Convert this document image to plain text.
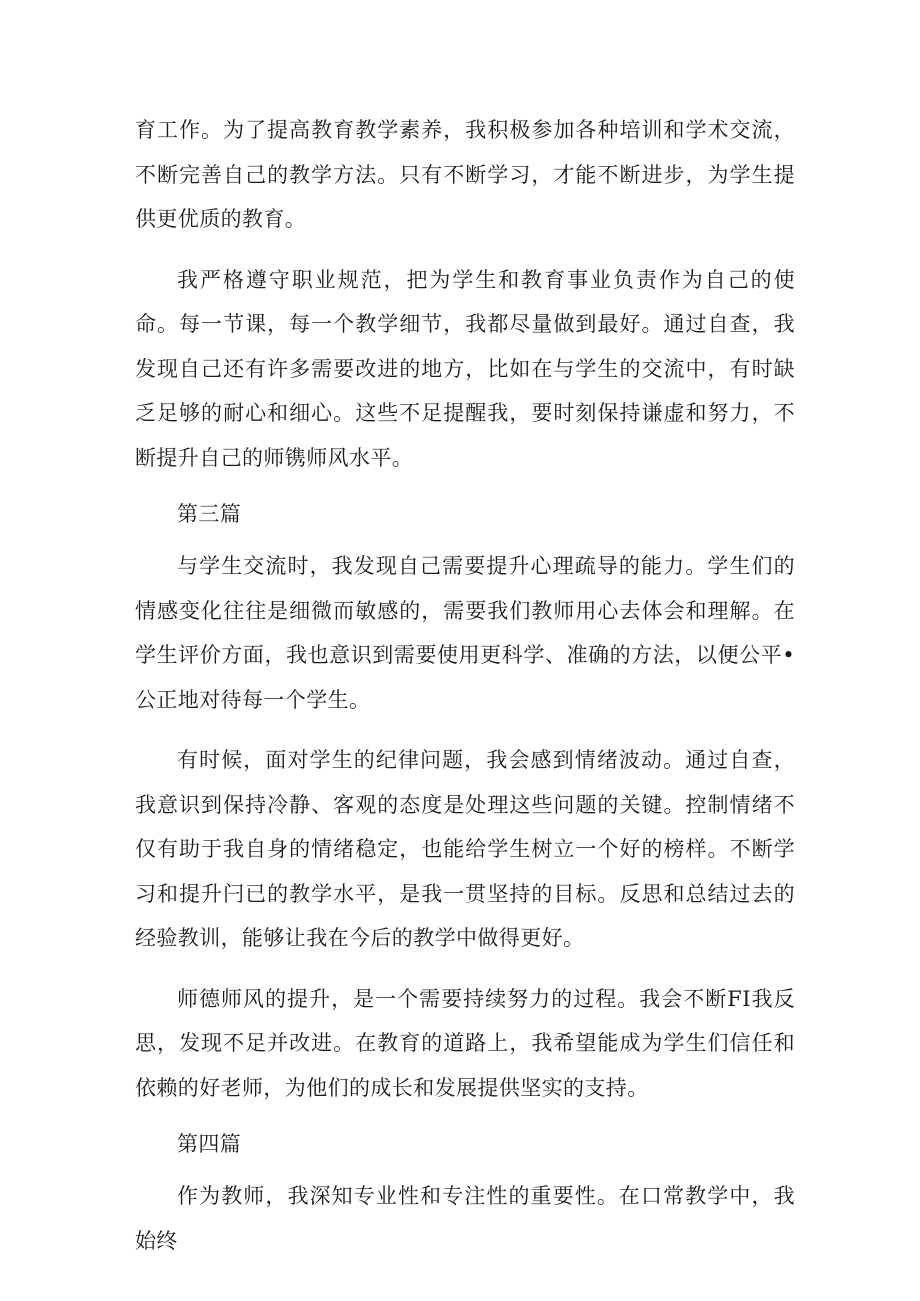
育工作。为了提高教育教学素养，我积极参加各种培训和学术交流，不断完善自己的教学方法。只有不断学习，才能不断进步，为学生提供更优质的教育。

我严格遵守职业规范，把为学生和教育事业负责作为自己的使命。每一节课，每一个教学细节，我都尽量做到最好。通过自查，我发现自己还有许多需要改进的地方，比如在与学生的交流中，有时缺乏足够的耐心和细心。这些不足提醒我，要时刻保持谦虚和努力，不断提升自己的师镌师风水平。

第三篇

与学生交流时，我发现自己需要提升心理疏导的能力。学生们的情感变化往往是细微而敏感的，需要我们教师用心去体会和理解。在学生评价方面，我也意识到需要使用更科学、准确的方法，以便公平•公正地对待每一个学生。

有时候，面对学生的纪律问题，我会感到情绪波动。通过自查，我意识到保持冷静、客观的态度是处理这些问题的关键。控制情绪不仅有助于我自身的情绪稳定，也能给学生树立一个好的榜样。不断学习和提升闩已的教学水平，是我一贯坚持的目标。反思和总结过去的经验教训，能够让我在今后的教学中做得更好。

师德师风的提升，是一个需要持续努力的过程。我会不断FI我反思，发现不足并改进。在教育的道路上，我希望能成为学生们信任和依赖的好老师，为他们的成长和发展提供坚实的支持。

第四篇

作为教师，我深知专业性和专注性的重要性。在口常教学中，我始终
